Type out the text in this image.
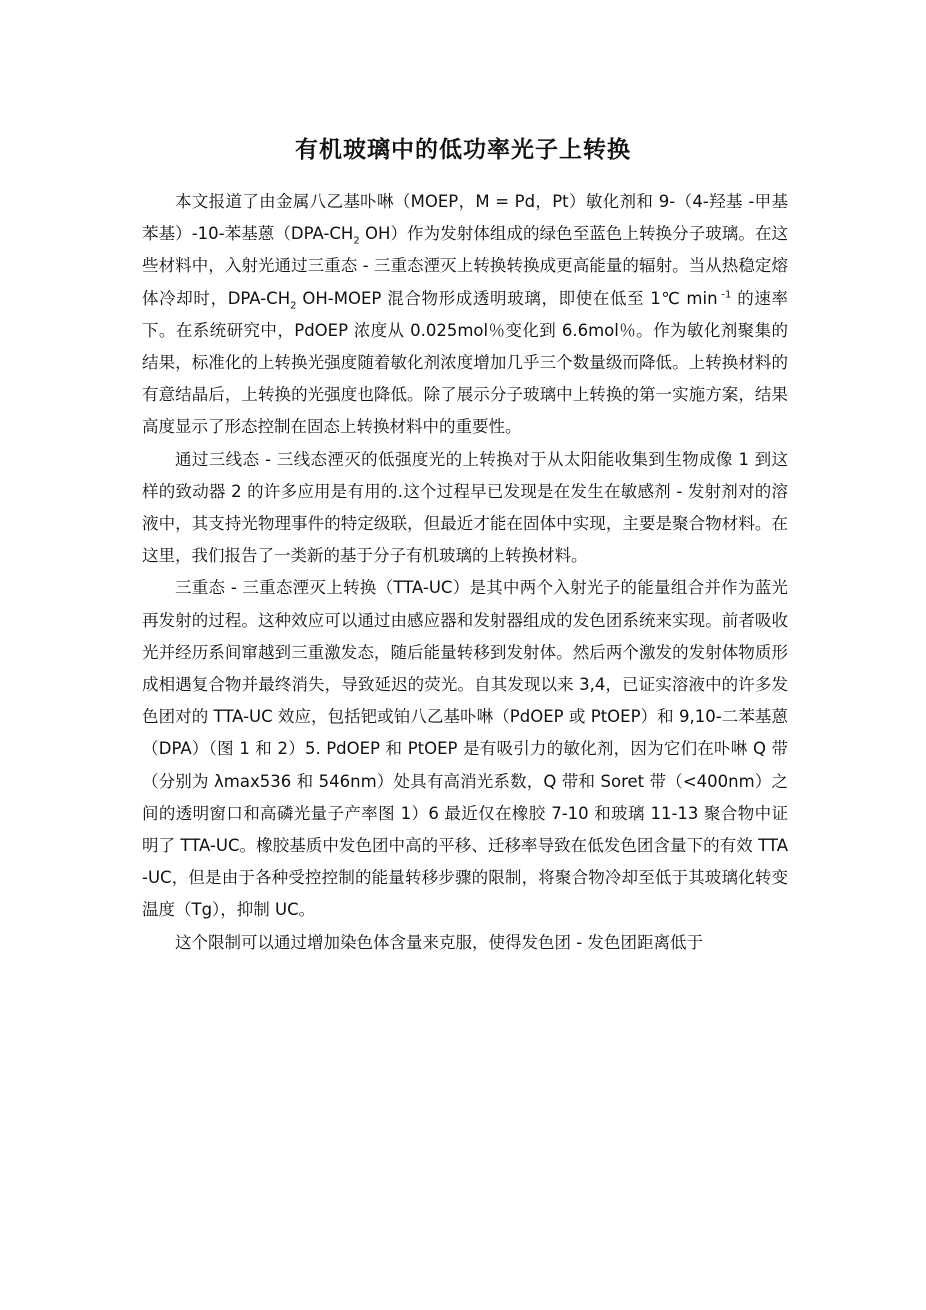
有机玻璃中的低功率光子上转换

本文报道了由金属八乙基卟啉（MOEP，M = Pd，Pt）敏化剂和 9-（4-羟基 -甲基苯基）-10-苯基蒽（$DPA-CH_2$ OH）作为发射体组成的绿色至蓝色上转换分子玻璃。在这些材料中，入射光通过三重态 - 三重态湮灭上转换转换成更高能量的辐射。当从热稳定熔体冷却时，DPA-$CH_2$ OH-MOEP 混合物形成透明玻璃，即使在低至 1℃ min $^{-1}$ 的速率下。在系统研究中，PdOEP 浓度从 0.025mol％变化到 6.6mol％。作为敏化剂聚集的结果，标准化的上转换光强度随着敏化剂浓度增加几乎三个数量级而降低。上转换材料的有意结晶后，上转换的光强度也降低。除了展示分子玻璃中上转换的第一实施方案，结果高度显示了形态控制在固态上转换材料中的重要性。

通过三线态 - 三线态湮灭的低强度光的上转换对于从太阳能收集到生物成像 1 到这样的致动器 2 的许多应用是有用的.这个过程早已发现是在发生在敏感剂 - 发射剂对的溶液中，其支持光物理事件的特定级联，但最近才能在固体中实现，主要是聚合物材料。在这里，我们报告了一类新的基于分子有机玻璃的上转换材料。

三重态 - 三重态湮灭上转换（TTA-UC）是其中两个入射光子的能量组合并作为蓝光再发射的过程。这种效应可以通过由感应器和发射器组成的发色团系统来实现。前者吸收光并经历系间窜越到三重激发态，随后能量转移到发射体。然后两个激发的发射体物质形成相遇复合物并最终消失，导致延迟的荧光。自其发现以来 3,4，已证实溶液中的许多发色团对的 TTA-UC 效应，包括钯或铂八乙基卟啉（PdOEP 或 PtOEP）和 9,10-二苯基蒽（DPA）（图 1 和 2）5. PdOEP 和 PtOEP 是有吸引力的敏化剂，因为它们在卟啉 Q 带（分别为 λmax536 和 546nm）处具有高消光系数，Q 带和 Soret 带（<400nm）之间的透明窗口和高磷光量子产率图 1）6 最近仅在橡胶 7-10 和玻璃 11-13 聚合物中证明了 TTA-UC。橡胶基质中发色团中高的平移、迁移率导致在低发色团含量下的有效 TTA-UC，但是由于各种受控控制的能量转移步骤的限制，将聚合物冷却至低于其玻璃化转变温度（Tg），抑制 UC。

这个限制可以通过增加染色体含量来克服，使得发色团 - 发色团距离低于
